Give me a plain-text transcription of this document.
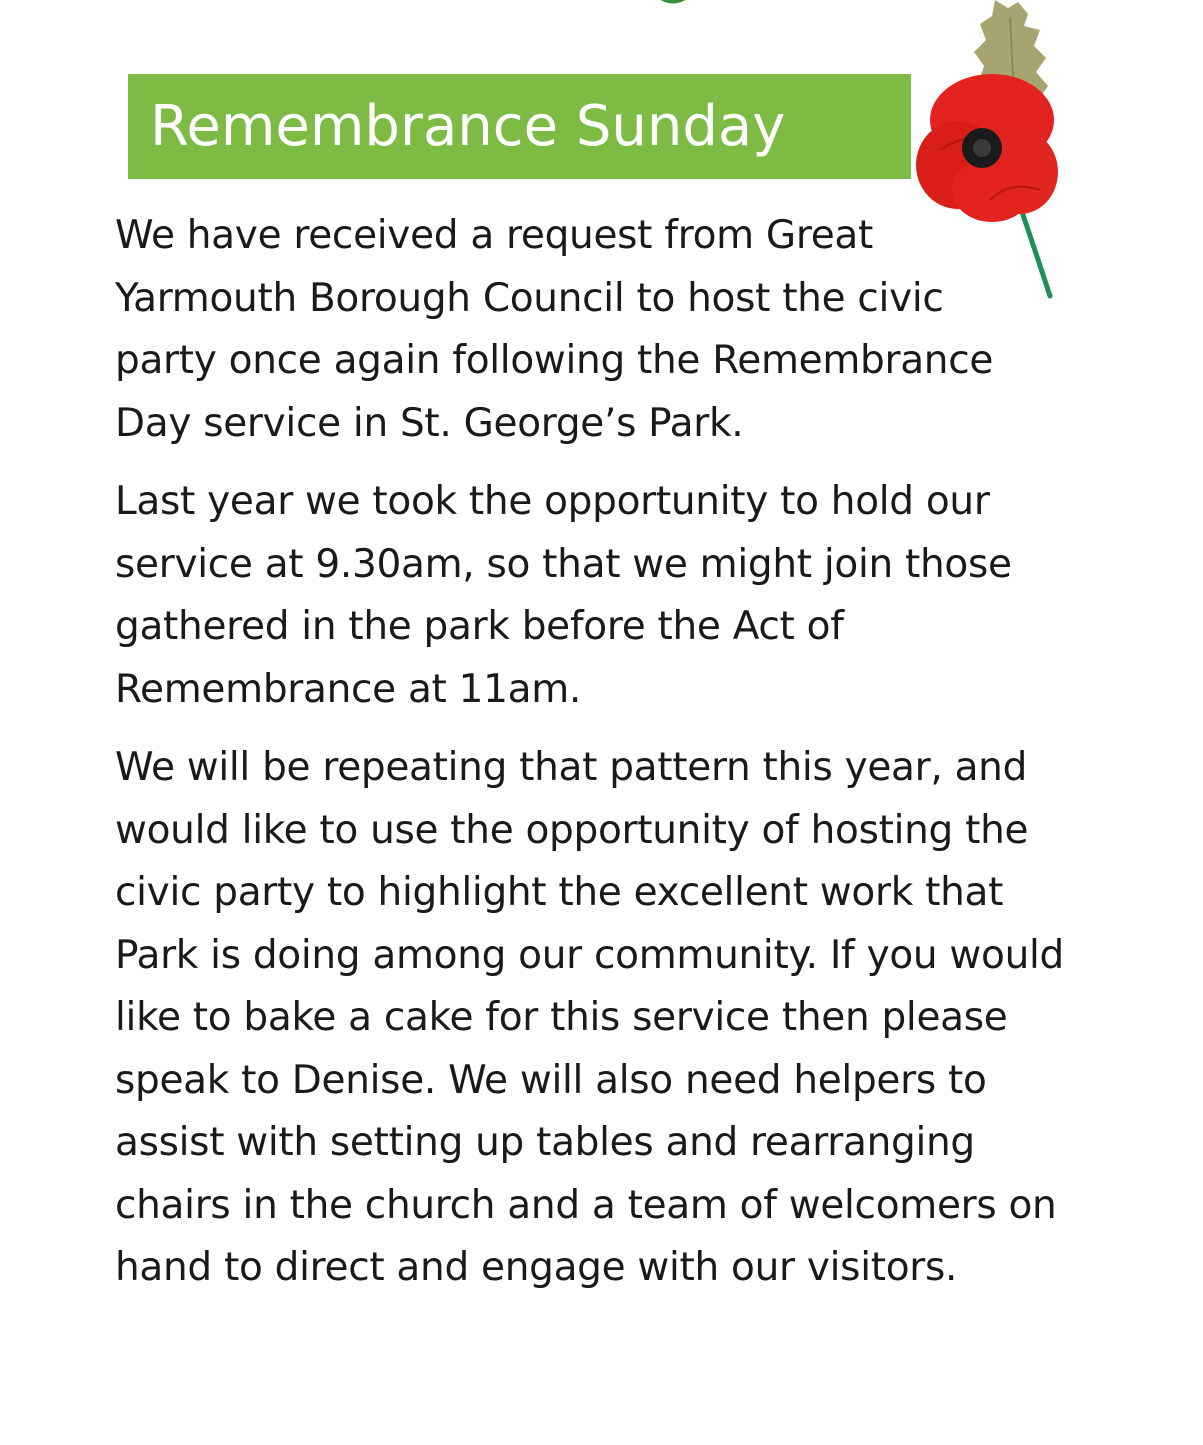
Remembrance Sunday

We have received a request from Great Yarmouth Borough Council to host the civic party once again following the Remembrance Day service in St. George’s Park.

Last year we took the opportunity to hold our service at 9.30am, so that we might join those gathered in the park before the Act of Remembrance at 11am.

We will be repeating that pattern this year, and would like to use the opportunity of hosting the civic party to highlight the excellent work that Park is doing among our community. If you would like to bake a cake for this service then please speak to Denise. We will also need helpers to assist with setting up tables and rearranging chairs in the church and a team of welcomers on hand to direct and engage with our visitors.
